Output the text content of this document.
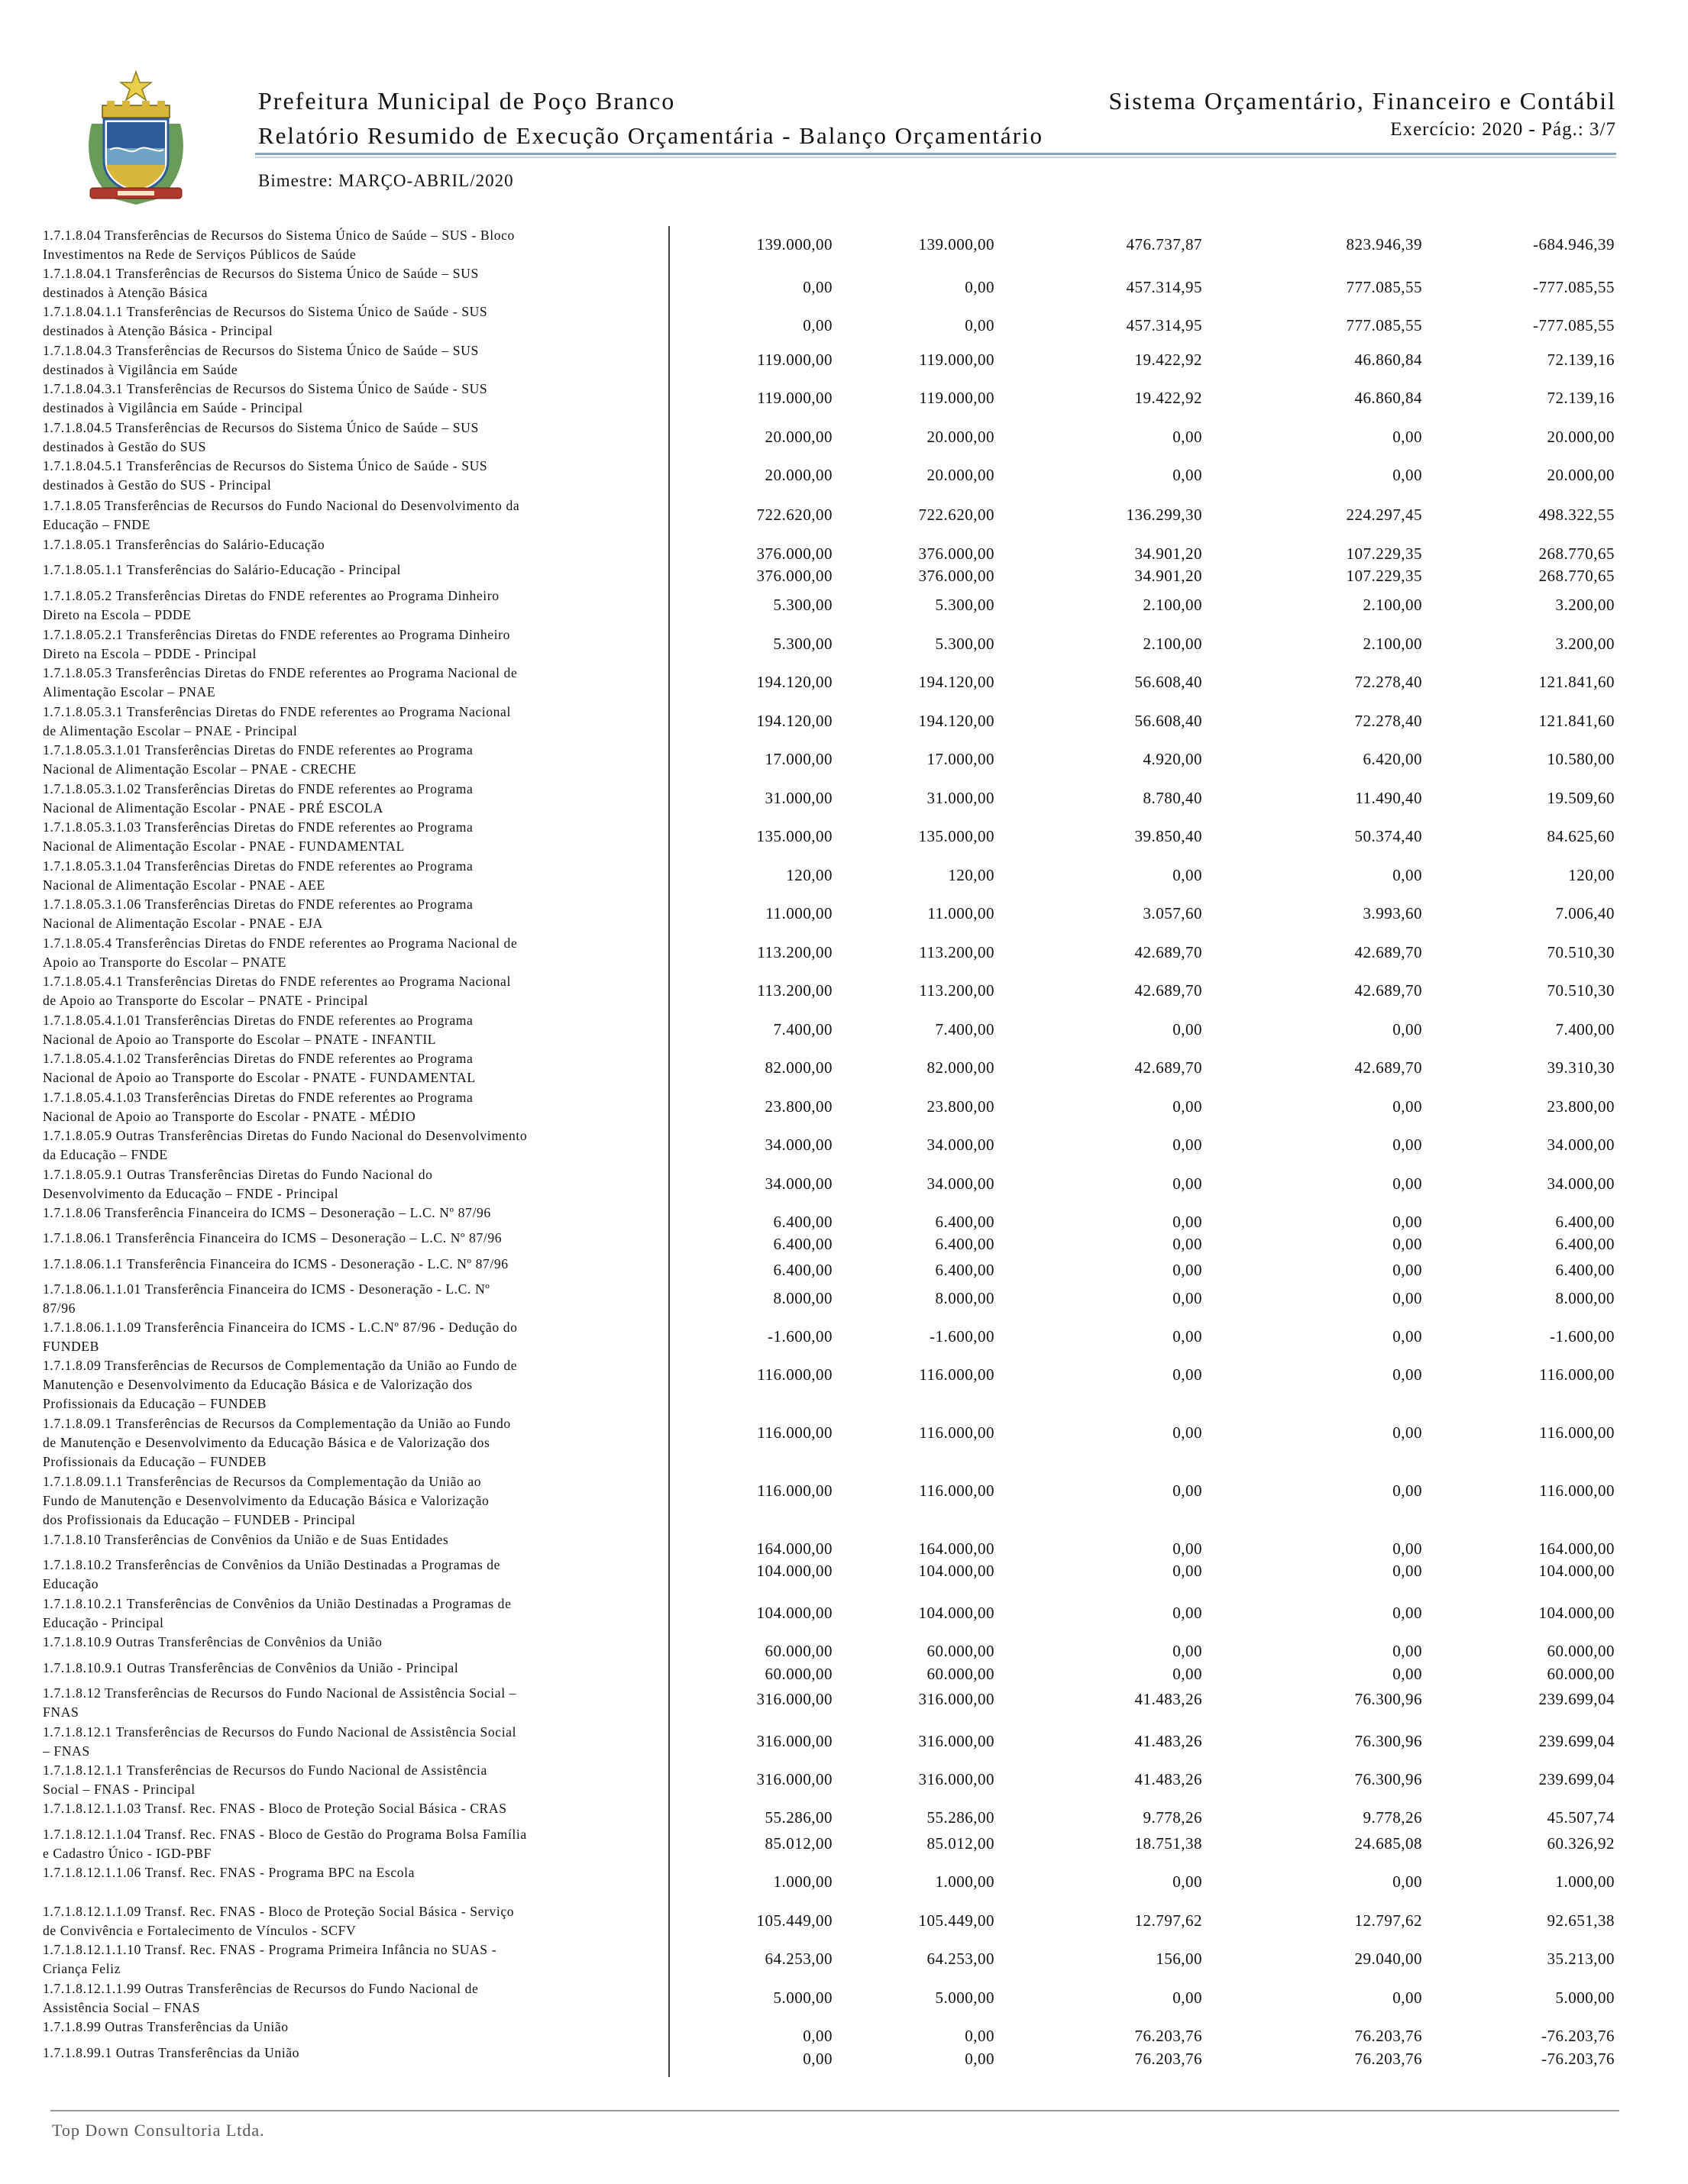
Prefeitura Municipal de Poço Branco
Relatório Resumido de Execução Orçamentária - Balanço Orçamentário
Sistema Orçamentário, Financeiro e Contábil
Exercício: 2020 - Pág.: 3/7
Bimestre: MARÇO-ABRIL/2020
1.7.1.8.04 Transferências de Recursos do Sistema Único de Saúde – SUS - Bloco
Investimentos na Rede de Serviços Públicos de Saúde
139.000,00	139.000,00	476.737,87	823.946,39	-684.946,39
1.7.1.8.04.1 Transferências de Recursos do Sistema Único de Saúde – SUS
destinados à Atenção Básica	0,00	0,00	457.314,95	777.085,55	-777.085,55
1.7.1.8.04.1.1 Transferências de Recursos do Sistema Único de Saúde - SUS
destinados à Atenção Básica - Principal	0,00	0,00	457.314,95	777.085,55	-777.085,55
1.7.1.8.04.3 Transferências de Recursos do Sistema Único de Saúde – SUS
destinados à Vigilância em Saúde
119.000,00	119.000,00	19.422,92	46.860,84	72.139,16
1.7.1.8.04.3.1 Transferências de Recursos do Sistema Único de Saúde - SUS
destinados à Vigilância em Saúde - Principal
119.000,00	119.000,00	19.422,92	46.860,84	72.139,16
1.7.1.8.04.5 Transferências de Recursos do Sistema Único de Saúde – SUS
destinados à Gestão do SUS
20.000,00	20.000,00	0,00	0,00	20.000,00
1.7.1.8.04.5.1 Transferências de Recursos do Sistema Único de Saúde - SUS
destinados à Gestão do SUS - Principal
20.000,00	20.000,00	0,00	0,00	20.000,00
1.7.1.8.05 Transferências de Recursos do Fundo Nacional do Desenvolvimento da
Educação – FNDE
722.620,00	722.620,00	136.299,30	224.297,45	498.322,55
1.7.1.8.05.1 Transferências do Salário-Educação	376.000,00	376.000,00	34.901,20	107.229,35	268.770,65
1.7.1.8.05.1.1 Transferências do Salário-Educação - Principal	376.000,00	376.000,00	34.901,20	107.229,35	268.770,65
1.7.1.8.05.2 Transferências Diretas do FNDE referentes ao Programa Dinheiro
Direto na Escola – PDDE
5.300,00	5.300,00	2.100,00	2.100,00	3.200,00
1.7.1.8.05.2.1 Transferências Diretas do FNDE referentes ao Programa Dinheiro
Direto na Escola – PDDE - Principal
5.300,00	5.300,00	2.100,00	2.100,00	3.200,00
1.7.1.8.05.3 Transferências Diretas do FNDE referentes ao Programa Nacional de
Alimentação Escolar – PNAE
194.120,00	194.120,00	56.608,40	72.278,40	121.841,60
1.7.1.8.05.3.1 Transferências Diretas do FNDE referentes ao Programa Nacional
de Alimentação Escolar – PNAE - Principal
194.120,00	194.120,00	56.608,40	72.278,40	121.841,60
1.7.1.8.05.3.1.01 Transferências Diretas do FNDE referentes ao Programa
Nacional de Alimentação Escolar – PNAE - CRECHE
17.000,00	17.000,00	4.920,00	6.420,00	10.580,00
1.7.1.8.05.3.1.02 Transferências Diretas do FNDE referentes ao Programa
Nacional de Alimentação Escolar - PNAE - PRÉ ESCOLA
31.000,00	31.000,00	8.780,40	11.490,40	19.509,60
1.7.1.8.05.3.1.03 Transferências Diretas do FNDE referentes ao Programa
Nacional de Alimentação Escolar - PNAE - FUNDAMENTAL
135.000,00	135.000,00	39.850,40	50.374,40	84.625,60
1.7.1.8.05.3.1.04 Transferências Diretas do FNDE referentes ao Programa
Nacional de Alimentação Escolar - PNAE - AEE
120,00	120,00	0,00	0,00	120,00
1.7.1.8.05.3.1.06 Transferências Diretas do FNDE referentes ao Programa
Nacional de Alimentação Escolar - PNAE - EJA
11.000,00	11.000,00	3.057,60	3.993,60	7.006,40
1.7.1.8.05.4 Transferências Diretas do FNDE referentes ao Programa Nacional de
Apoio ao Transporte do Escolar – PNATE
113.200,00	113.200,00	42.689,70	42.689,70	70.510,30
1.7.1.8.05.4.1 Transferências Diretas do FNDE referentes ao Programa Nacional
de Apoio ao Transporte do Escolar – PNATE - Principal
113.200,00	113.200,00	42.689,70	42.689,70	70.510,30
1.7.1.8.05.4.1.01 Transferências Diretas do FNDE referentes ao Programa
Nacional de Apoio ao Transporte do Escolar – PNATE - INFANTIL
7.400,00	7.400,00	0,00	0,00	7.400,00
1.7.1.8.05.4.1.02 Transferências Diretas do FNDE referentes ao Programa
Nacional de Apoio ao Transporte do Escolar - PNATE - FUNDAMENTAL
82.000,00	82.000,00	42.689,70	42.689,70	39.310,30
1.7.1.8.05.4.1.03 Transferências Diretas do FNDE referentes ao Programa
Nacional de Apoio ao Transporte do Escolar - PNATE - MÉDIO
23.800,00	23.800,00	0,00	0,00	23.800,00
1.7.1.8.05.9 Outras Transferências Diretas do Fundo Nacional do Desenvolvimento
da Educação – FNDE
34.000,00	34.000,00	0,00	0,00	34.000,00
1.7.1.8.05.9.1 Outras Transferências Diretas do Fundo Nacional do
Desenvolvimento da Educação – FNDE - Principal
34.000,00	34.000,00	0,00	0,00	34.000,00
1.7.1.8.06 Transferência Financeira do ICMS – Desoneração – L.C. Nº 87/96	6.400,00	6.400,00	0,00	0,00	6.400,00
1.7.1.8.06.1 Transferência Financeira do ICMS – Desoneração – L.C. Nº 87/96	6.400,00	6.400,00	0,00	0,00	6.400,00
1.7.1.8.06.1.1 Transferência Financeira do ICMS - Desoneração - L.C. Nº 87/96	6.400,00	6.400,00	0,00	0,00	6.400,00
1.7.1.8.06.1.1.01 Transferência Financeira do ICMS - Desoneração - L.C. Nº
87/96
8.000,00	8.000,00	0,00	0,00	8.000,00
1.7.1.8.06.1.1.09 Transferência Financeira do ICMS - L.C.Nº 87/96 - Dedução do
FUNDEB
-1.600,00	-1.600,00	0,00	0,00	-1.600,00
1.7.1.8.09 Transferências de Recursos de Complementação da União ao Fundo de
Manutenção e Desenvolvimento da Educação Básica e de Valorização dos
Profissionais da Educação – FUNDEB
116.000,00	116.000,00	0,00	0,00	116.000,00
1.7.1.8.09.1 Transferências de Recursos da Complementação da União ao Fundo
de Manutenção e Desenvolvimento da Educação Básica e de Valorização dos
Profissionais da Educação – FUNDEB
116.000,00	116.000,00	0,00	0,00	116.000,00
1.7.1.8.09.1.1 Transferências de Recursos da Complementação da União ao
Fundo de Manutenção e Desenvolvimento da Educação Básica e Valorização
dos Profissionais da Educação – FUNDEB - Principal
116.000,00	116.000,00	0,00	0,00	116.000,00
1.7.1.8.10 Transferências de Convênios da União e de Suas Entidades	164.000,00	164.000,00	0,00	0,00	164.000,00
1.7.1.8.10.2 Transferências de Convênios da União Destinadas a Programas de
Educação
104.000,00	104.000,00	0,00	0,00	104.000,00
1.7.1.8.10.2.1 Transferências de Convênios da União Destinadas a Programas de
Educação - Principal
104.000,00	104.000,00	0,00	0,00	104.000,00
1.7.1.8.10.9 Outras Transferências de Convênios da União	60.000,00	60.000,00	0,00	0,00	60.000,00
1.7.1.8.10.9.1 Outras Transferências de Convênios da União - Principal	60.000,00	60.000,00	0,00	0,00	60.000,00
1.7.1.8.12 Transferências de Recursos do Fundo Nacional de Assistência Social –
FNAS
316.000,00	316.000,00	41.483,26	76.300,96	239.699,04
1.7.1.8.12.1 Transferências de Recursos do Fundo Nacional de Assistência Social
– FNAS
316.000,00	316.000,00	41.483,26	76.300,96	239.699,04
1.7.1.8.12.1.1 Transferências de Recursos do Fundo Nacional de Assistência
Social – FNAS - Principal
316.000,00	316.000,00	41.483,26	76.300,96	239.699,04
1.7.1.8.12.1.1.03 Transf. Rec. FNAS - Bloco de Proteção Social Básica - CRAS	55.286,00	55.286,00	9.778,26	9.778,26	45.507,74
1.7.1.8.12.1.1.04 Transf. Rec. FNAS - Bloco de Gestão do Programa Bolsa Família
e Cadastro Único - IGD-PBF
85.012,00	85.012,00	18.751,38	24.685,08	60.326,92
1.7.1.8.12.1.1.06 Transf. Rec. FNAS - Programa BPC na Escola	1.000,00	1.000,00	0,00	0,00	1.000,00
1.7.1.8.12.1.1.09 Transf. Rec. FNAS - Bloco de Proteção Social Básica - Serviço
de Convivência e Fortalecimento de Vínculos - SCFV
105.449,00	105.449,00	12.797,62	12.797,62	92.651,38
1.7.1.8.12.1.1.10 Transf. Rec. FNAS - Programa Primeira Infância no SUAS -
Criança Feliz
64.253,00	64.253,00	156,00	29.040,00	35.213,00
1.7.1.8.12.1.1.99 Outras Transferências de Recursos do Fundo Nacional de
Assistência Social – FNAS
5.000,00	5.000,00	0,00	0,00	5.000,00
1.7.1.8.99 Outras Transferências da União	0,00	0,00	76.203,76	76.203,76	-76.203,76
1.7.1.8.99.1 Outras Transferências da União	0,00	0,00	76.203,76	76.203,76	-76.203,76
Top Down Consultoria Ltda.
